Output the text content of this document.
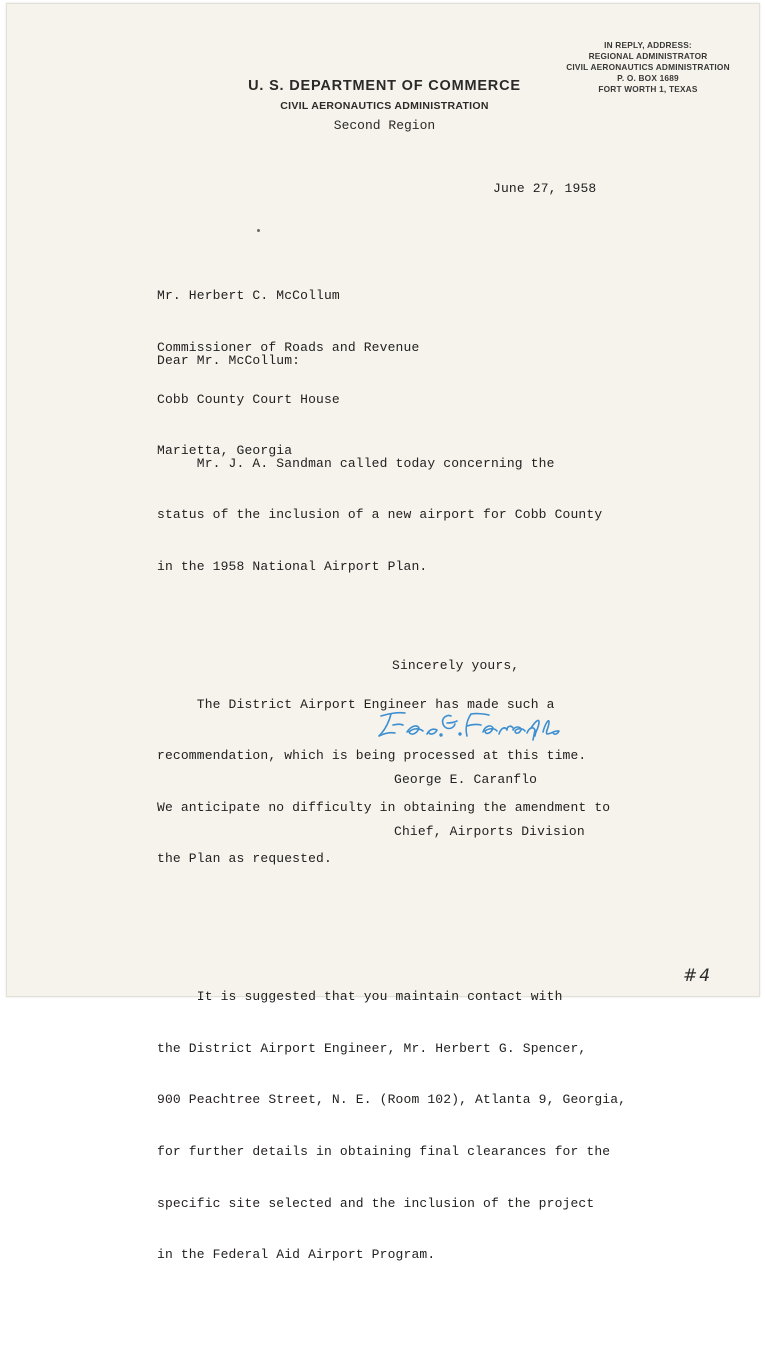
IN REPLY, ADDRESS:
REGIONAL ADMINISTRATOR
CIVIL AERONAUTICS ADMINISTRATION
P. O. BOX 1689
FORT WORTH 1, TEXAS
U. S. DEPARTMENT OF COMMERCE
CIVIL AERONAUTICS ADMINISTRATION
Second Region
June 27, 1958

Mr. Herbert C. McCollum

Commissioner of Roads and Revenue

Cobb County Court House

Marietta, Georgia

Dear Mr. McCollum:

Mr. J. A. Sandman called today concerning the

status of the inclusion of a new airport for Cobb County

in the 1958 National Airport Plan.

The District Airport Engineer has made such a

recommendation, which is being processed at this time.

We anticipate no difficulty in obtaining the amendment to

the Plan as requested.

It is suggested that you maintain contact with

the District Airport Engineer, Mr. Herbert G. Spencer,

900 Peachtree Street, N. E. (Room 102), Atlanta 9, Georgia,

for further details in obtaining final clearances for the

specific site selected and the inclusion of the project

in the Federal Aid Airport Program.

Sincerely yours,

George E. Caranflo

Chief, Airports Division

#4
